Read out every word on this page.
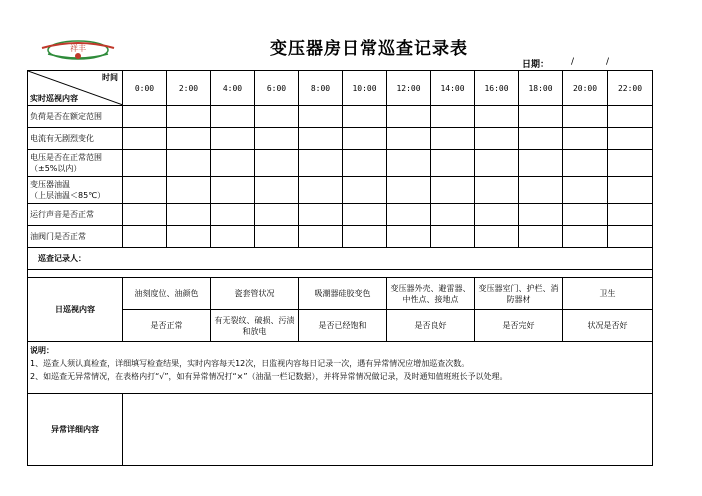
祥丰	变压器房日常巡查记录表
日期： /	/
时间
实时巡视内容	0:00	2:00	4:00	6:00	8:00	10:00	12:00	14:00	16:00	18:00	20:00	22:00
负荷是否在额定范围												
电流有无剧烈变化												
电压是否在正常范围
（±5%以内）												
变压器油温
（上层油温＜85℃）												
运行声音是否正常												
油阀门是否正常												
巡查记录人：												

日巡视内容	油刻度位、油颜色		瓷套管状况		吸潮器硅胶变色		变压器外壳、避雷器、中性点、接地点		变压器室门、护栏、消防器材		卫生	
	是否正常		有无裂纹、破损、污渍和放电		是否已经饱和		是否良好		是否完好		状况是否好	

说明：
1、巡查人须认真检查，详细填写检查结果，实时内容每天12次，日监视内容每日记录一次，遇有异常情况应增加巡查次数。
2、如巡查无异常情况，在表格内打“√”，如有异常情况打“×”（油温一栏记数据），并将异常情况做记录，及时通知值班班长予以处理。												

异常详细内容												
